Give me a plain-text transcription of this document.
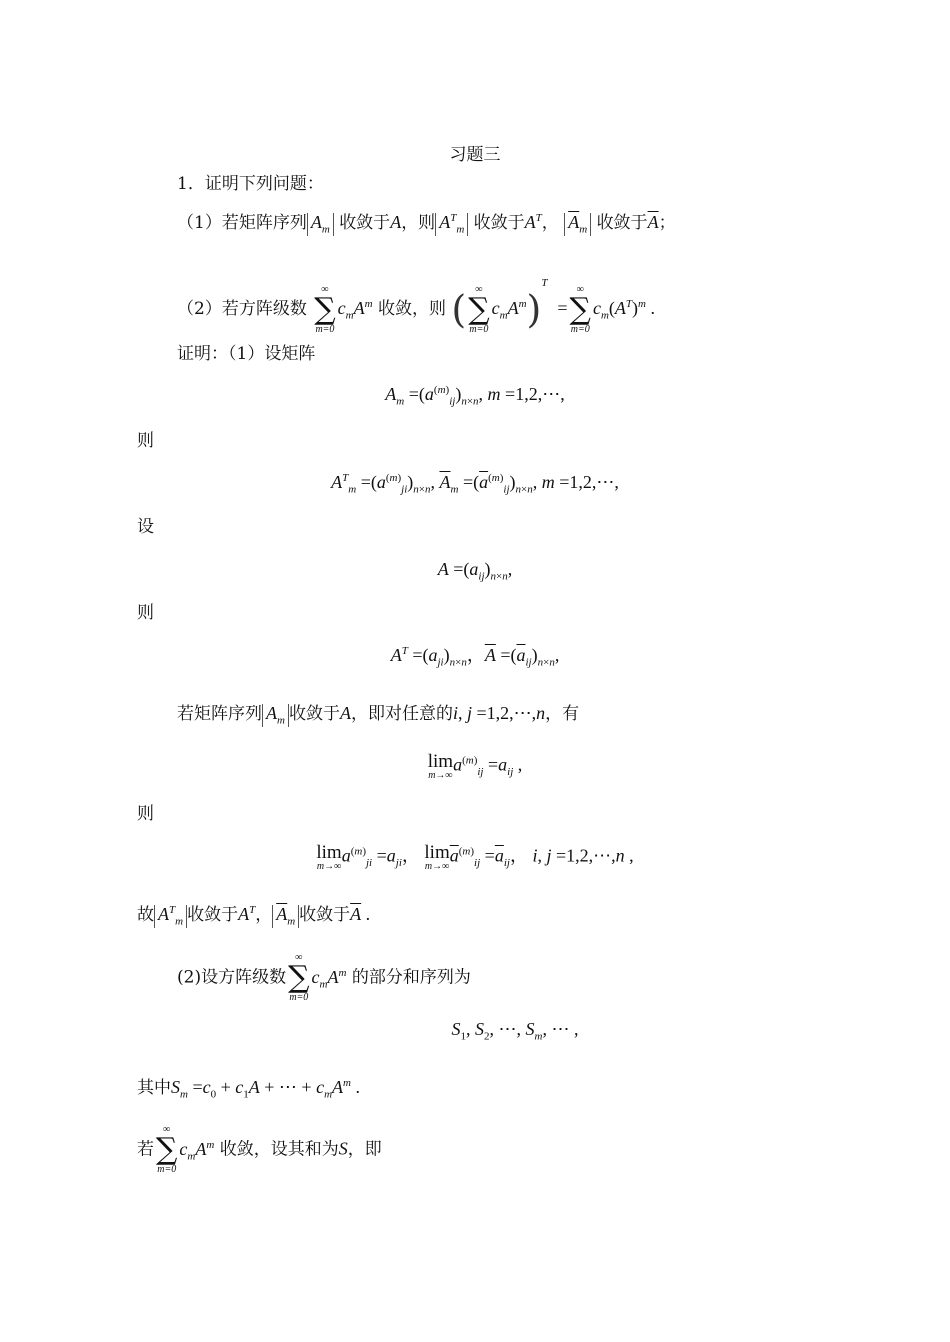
习题三
1．证明下列问题：
（1）若矩阵序列 $A_m$ 收敛于A，则 $A^T_m$ 收敛于$A^T$， $\overline{A}_m$ 收敛于$\overline{A}$；
（2）若方阵级数
∞
∑
m=0
$c_mA^m$ 收敛，则 ( ∞
∑
m=0
$c_mA^m)^T$  =
∞
∑
m=0
$c_m(A^T)^m$ .
证明：（1）设矩阵
$A_m =(a^{(m)}_{ij})_{n\times n}$, m =1,2,⋯,
则
$A^T_m =(a^{(m)}_{ji})_{n\times n}$, $\overline{A}_m =(\overline{a}^{(m)}_{ij})_{n\times n}$, m =1,2,⋯,
设
$A =(a_{ij})_{n\times n}$,
则
$A^T =(a_{ji})_{n\times n}$，$\overline{A} =(\overline{a}_{ij})_{n\times n}$,
若矩阵序列 $A_m$ 收敛于A，即对任意的i, j =1,2,⋯,n，有
lim
m→∞
$a^{(m)}_{ij} =a_{ij}$ ,
则
lim
m→∞
$a^{(m)}_{ji} =a_{ji}$， lim
m→∞
$\overline{a}^{(m)}_{ij} =\overline{a}_{ij}$， i, j =1,2,⋯,n ,
故 $A^T_m$ 收敛于$A^T$， $\overline{A}_m$ 收敛于$\overline{A}$ .
(2)设方阵级数
∞
∑
m=0
$c_mA^m$ 的部分和序列为
$S_1$, $S_2$, ⋯, $S_m$, ⋯ ,
其中$S_m =c_0 + c_1A$ + ⋯ + $c_mA^m$ .
若
∞
∑
m=0
$c_mA^m$ 收敛，设其和为S，即
